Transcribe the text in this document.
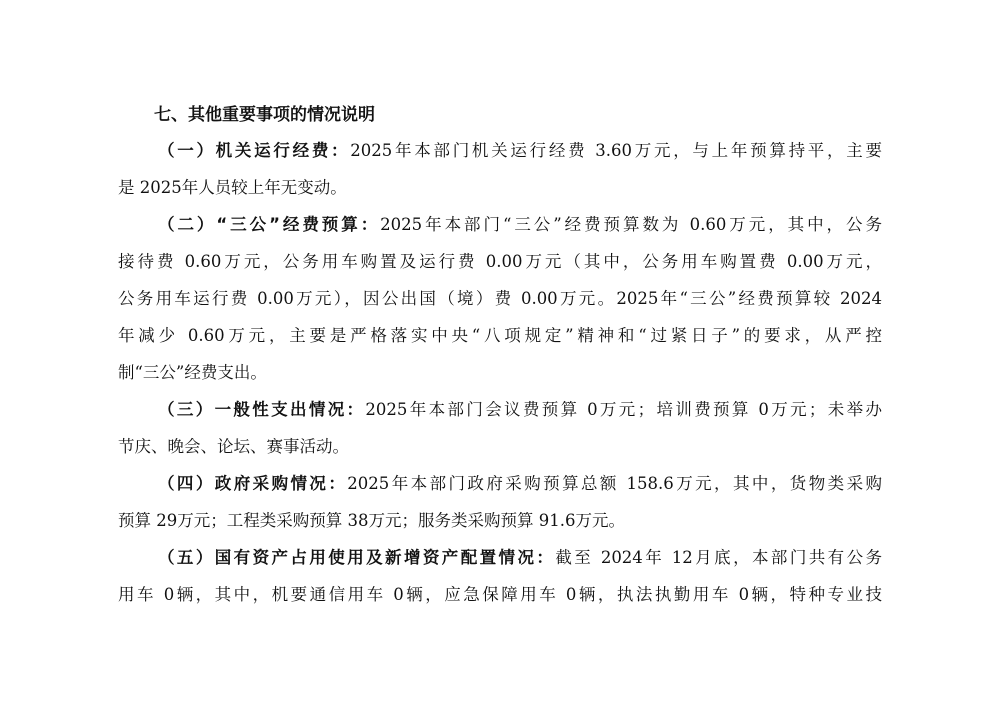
七、其他重要事项的情况说明
（一）机关运行经费：2025年本部门机关运行经费 3.60万元，与上年预算持平，主要
是 2025年人员较上年无变动。
（二）“三公”经费预算：2025年本部门“三公”经费预算数为 0.60万元，其中，公务
接待费 0.60万元，公务用车购置及运行费 0.00万元（其中，公务用车购置费 0.00万元，
公务用车运行费 0.00万元），因公出国（境）费 0.00万元。2025年“三公”经费预算较 2024
年减少 0.60万元，主要是严格落实中央“八项规定”精神和“过紧日子”的要求，从严控
制“三公”经费支出。
（三）一般性支出情况：2025年本部门会议费预算 0万元；培训费预算 0万元；未举办
节庆、晚会、论坛、赛事活动。
（四）政府采购情况：2025年本部门政府采购预算总额 158.6万元，其中，货物类采购
预算 29万元；工程类采购预算 38万元；服务类采购预算 91.6万元。
（五）国有资产占用使用及新增资产配置情况：截至 2024年 12月底，本部门共有公务
用车 0辆，其中，机要通信用车 0辆，应急保障用车 0辆，执法执勤用车 0辆，特种专业技
